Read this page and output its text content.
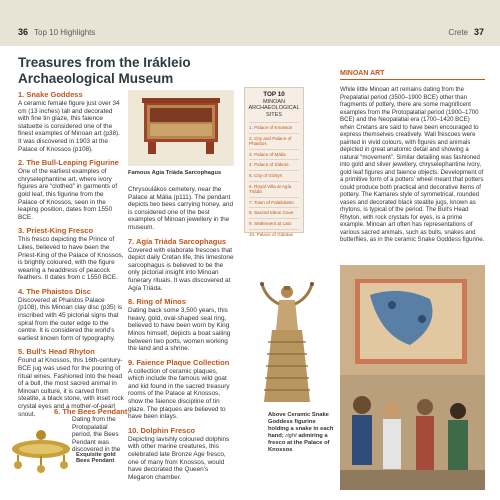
36 Top 10 Highlights	Crete 37
Treasures from the Irákleio Archaeological Museum
1. Snake Goddess

A ceramic female figure just over 34 cm (13 inches) tall and decorated with fine tin glaze, this faience statuette is considered one of the finest examples of Minoan art (p38). It was discovered in 1903 at the Palace of Knossos (p108).

2. The Bull-Leaping Figurine

One of the earliest examples of chryselephantine art, where ivory figures are “clothed” in garments of gold leaf, this figurine from the Palace of Knossos, seen in the leaping position, dates from 1550 BCE.

3. Priest-King Fresco

This fresco depicting the Prince of Lilies, believed to have been the Priest-King of the Palace of Knossos, is brightly coloured, with the figure wearing a headdress of peacock feathers. It dates from c 1550 BCE.

4. The Phaistos Disc

Discovered at Phaistos Palace (p108), this Minoan clay disc (p35) is inscribed with 45 pictorial signs that spiral from the outer edge to the centre. It is considered the world’s earliest known form of typography.

5. Bull’s Head Rhyton

Found at Knossos, this 16th-century-BCE jug was used for the pouring of ritual wines. Fashioned into the head of a bull, the most sacred animal in Minoan culture, it is carved from steatite, a black stone, with inset rock crystal eyes and a mother-of-pearl snout.	6. The Bees Pendant

Dating from the Protopalatial period, the Bees Pendant was discovered in the

Exquisite gold Bees Pendant
Famous Agia Triáda Sarcophagus

Chrysoulákos cemetery, near the Palace at Mália (p111). The pendant depicts two bees carrying honey, and is considered one of the best examples of Minoan jewellery in the museum.

7. Agía Triáda Sarcophagus

Covered with elaborate frescoes that depict daily Cretan life, this limestone sarcophagus is believed to be the only pictorial insight into Minoan funerary rituals. It was discovered at Agía Triáda.

8. Ring of Minos

Dating back some 3,500 years, this heavy, gold, oval-shaped seal ring, believed to have been worn by King Minos himself, depicts a boat sailing between two ports, women working the land and a shrine.

9. Faience Plaque Collection

A collection of ceramic plaques, which include the famous wild goat and kid found in the sacred treasury rooms of the Palace at Knossos, show the faience discipline of tin glaze. The plaques are believed to have been inlays.

10. Dolphin Fresco

Depicting lavishly coloured dolphins with other marine creatures, this celebrated late Bronze Age fresco, one of many from Knossos, would have decorated the Queen’s Megaron chamber.

TOP 10
MINOAN ARCHAEOLOGICAL SITES
1. Palace of Knossos
2. City and Palace of Phaistos
3. Palace of Mália
4. Palace of Zákros
5. City of Górtys
6. Royal Villa at Agía Triáda
7. Town of Palaikástro
8. Sacred Ideon Cave
9. Settlement at Lato
10. Palace of Gálatas
MINOAN ART

While little Minoan art remains dating from the Prepalatial period (3500–1900 BCE) other than fragments of pottery, there are some magnificent examples from the Protopalatial period (1900–1700 BCE) and the Neopalatial era (1700–1420 BCE) when Cretans are said to have been encouraged to express themselves creatively. Wall frescoes were painted in vivid colours, with figures and animals depicted in great anatomic detail and showing a natural “movement”. Similar detailing was fashioned into gold and silver jewellery, chryselephantine ivory, gold leaf figures and faience objects. Development of a primitive form of a potters’ wheel meant that potters could produce both practical and decorative items of pottery. The Kamares style of symmetrical, rounded vases and decorated black steatite jugs, known as rhytons, is typical of the period. The Bull’s Head Rhyton, with rock crystals for eyes, is a prime example. Minoan art often has representations of various sacred animals, such as bulls, snakes and butterflies, as in the ceramic Snake Goddess figurine.

Above Ceramic Snake Goddess figurine holding a snake in each hand; right admiring a fresco at the Palace of Knossos
